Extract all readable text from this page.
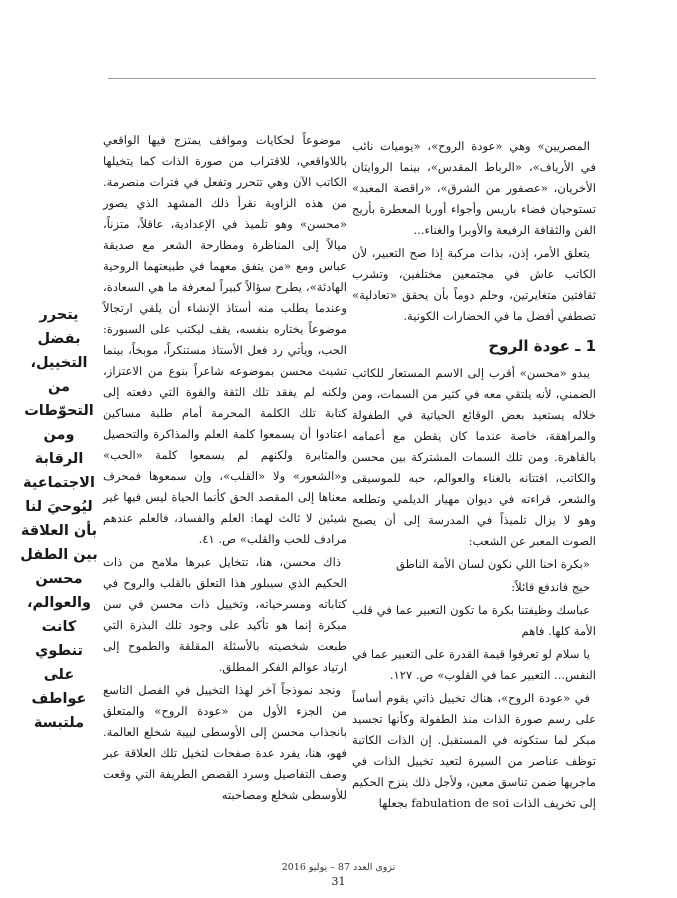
المصريين» وهي «عودة الروح»، «يوميات نائب في الأرياف»، «الرباط المقدس»، بينما الروايتان الأخريان، «عصفور من الشرق»، «راقصة المعبد» تستوحيان فضاء باريس وأجواء أوربا المعطرة بأريج الفن والثقافة الرفيعة والأوبرا والغناء...

يتعلق الأمر، إذن، بذات مركبة إذا صح التعبير، لأن الكاتب عاش في مجتمعين مختلفين، وتشرب ثقافتين متغايرتين، وحلم دوماً بأن يحقق «تعادلية» تصطفي أفضل ما في الحضارات الكونية.

1 ـ عودة الروح

يبدو «محسن» أقرب إلى الاسم المستعار للكاتب الضمني، لأنه يلتقي معه في كثير من السمات، ومن خلاله يستعيد بعض الوقائع الحياتية في الطفولة والمراهقة، خاصة عندما كان يقطن مع أعمامه بالقاهرة. ومن تلك السمات المشتركة بين محسن والكاتب، افتتانه بالغناء والعوالم، حبه للموسيقى والشعر، قراءته في ديوان مهيار الديلمي وتطلعه وهو لا يزال تلميذاً في المدرسة إلى أن يصبح الصوت المعبر عن الشعب:

«بكرة احنا اللي نكون لسان الأمة الناطق

حيج فاندفع قائلاً:

عباسك وظيفتنا بكرة ما تكون التعبير عما في قلب الأمة كلها. فاهم

يا سلام لو تعرفوا قيمة القدرة على التعبير عما في النفس... التعبير عما في القلوب» ص. ١٢٧.

في «عودة الروح»، هناك تخييل ذاتي يقوم أساساً على رسم صورة الذات منذ الطفولة وكأنها تجسيد مبكر لما ستكونه في المستقبل. إن الذات الكاتبة توظف عناصر من السيرة لتعيد تخييل الذات في ماجريها ضمن تناسق معين، ولأجل ذلك ينزح الحكيم إلى تخريف الذات fabulation de soi بجعلها

موضوعاً لحكايات ومواقف يمتزج فيها الواقعي باللاواقعي، للاقتراب من صورة الذات كما يتخيلها الكاتب الآن وهي تتحرر وتفعل في فترات منصرمة. من هذه الزاوية نقرأ ذلك المشهد الذي يصور «محسن» وهو تلميذ في الإعدادية، عاقلاً، متزناً، ميالاً إلى المناظرة ومطارحة الشعر مع صديقة عباس ومع «من يتفق معهما في طبيعتهما الروحية الهادئة»، يطرح سؤالاً كبيراً لمعرفة ما هي السعادة، وعندما يطلب منه أستاذ الإنشاء أن يلقي ارتجالاً موضوعاً يختاره بنفسه، يقف ليكتب على السبورة: الحب، ويأتي رد فعل الأستاذ مستنكراً، موبخاً، بينما تشبث محسن بموضوعه شاعراً بنوع من الاعتزاز، ولكنه لم يفقد تلك الثقة والقوة التي دفعته إلى كتابة تلك الكلمة المحرمة أمام طلبة مساكين اعتادوا أن يسمعوا كلمة العلم والمذاكرة والتحصيل والمثابرة ولكنهم لم يسمعوا كلمة «الحب» و«الشعور» ولا «القلب»، وإن سمعوها فمحرف معناها إلى المقصد الحق كأنما الحياة ليس فيها غير شيئين لا ثالث لهما: العلم والفساد، فالعلم عندهم مرادف للحب والقلب» ص. ٤١.

ذاك محسن، هنا، تتخايل عبرها ملامح من ذات الحكيم الذي سيبلور هذا التعلق بالقلب والروح في كتاباته ومسرحياته، وتخييل ذات محسن في سن مبكرة إنما هو تأكيد على وجود تلك البذرة التي طبعت شخصيته بالأسئلة المقلقة والطموح إلى ارتياد عوالم الفكر المطلق.

ونجد نموذجاً آخر لهذا التخييل في الفصل التاسع من الجزء الأول من «عودة الروح» والمتعلق بانجذاب محسن إلى الأوسطى لبيبة شخلع العالمة. فهو، هنا، يفرد عدة صفحات لتخيل تلك العلاقة عبر وصف التفاصيل وسرد القصص الطريفة التي وقعت للأوسطى شخلع ومصاحبته

يتحرر بفضل التخييل، من التحوّطات ومن الرقابة الاجتماعية ليُوحيَ لنا بأن العلاقة بين الطفل محسن والعوالم، كانت تنطوي على عواطف ملتبسة
نزوى العدد 87 – يوليو 2016
31
